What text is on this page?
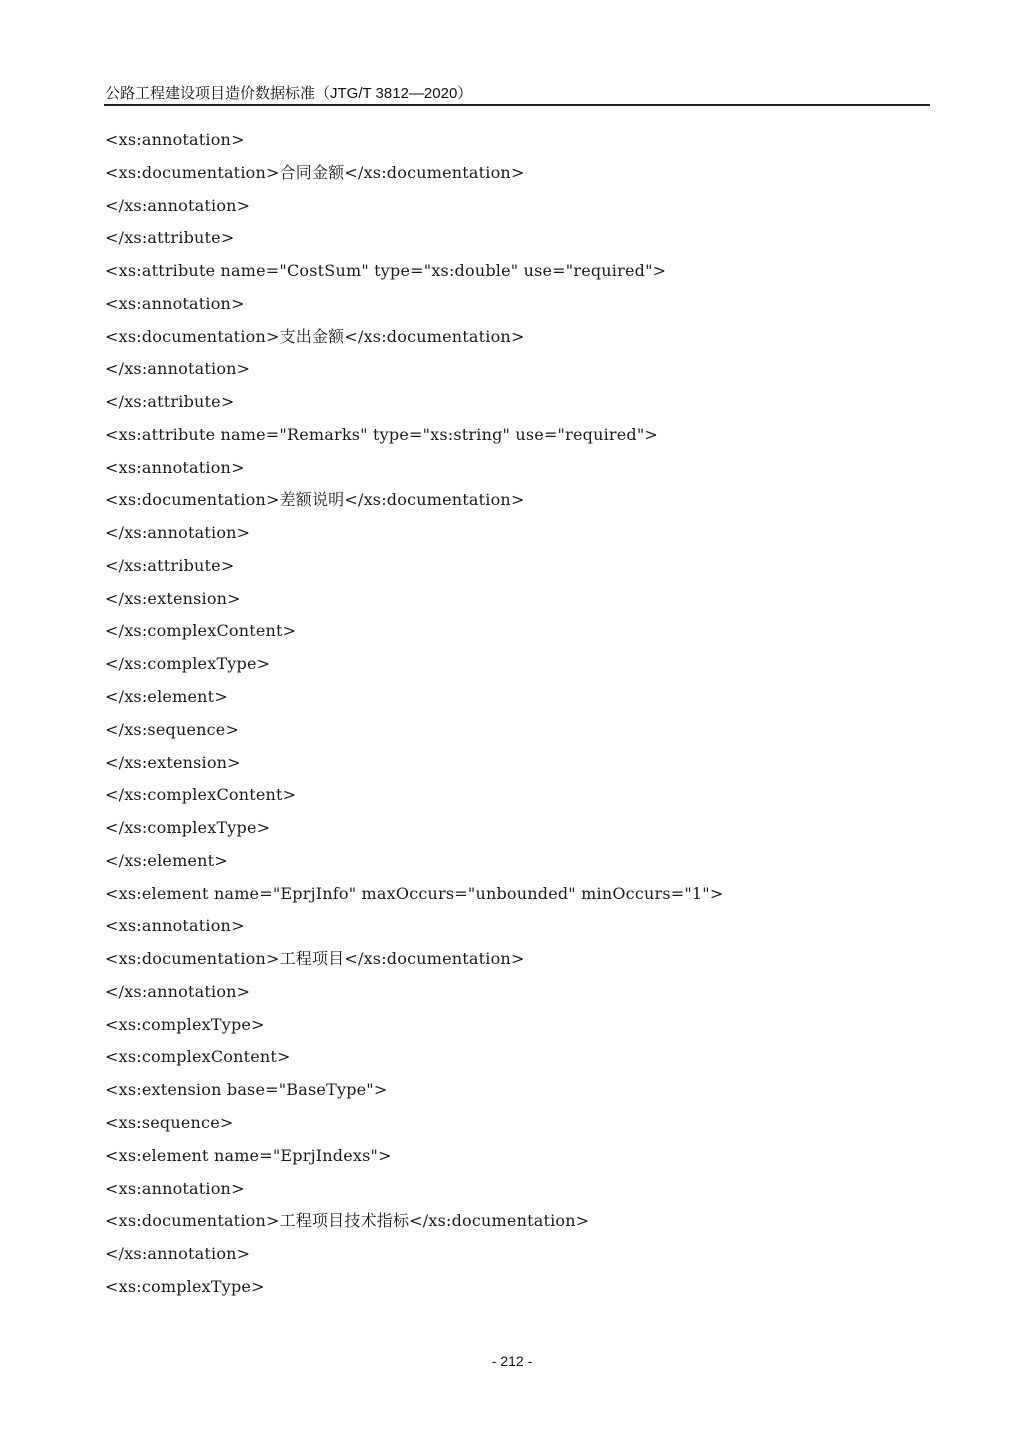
公路工程建设项目造价数据标准（JTG/T 3812—2020）
<xs:annotation>
<xs:documentation>合同金额</xs:documentation>
</xs:annotation>
</xs:attribute>
<xs:attribute name="CostSum" type="xs:double" use="required">
<xs:annotation>
<xs:documentation>支出金额</xs:documentation>
</xs:annotation>
</xs:attribute>
<xs:attribute name="Remarks" type="xs:string" use="required">
<xs:annotation>
<xs:documentation>差额说明</xs:documentation>
</xs:annotation>
</xs:attribute>
</xs:extension>
</xs:complexContent>
</xs:complexType>
</xs:element>
</xs:sequence>
</xs:extension>
</xs:complexContent>
</xs:complexType>
</xs:element>
<xs:element name="EprjInfo" maxOccurs="unbounded" minOccurs="1">
<xs:annotation>
<xs:documentation>工程项目</xs:documentation>
</xs:annotation>
<xs:complexType>
<xs:complexContent>
<xs:extension base="BaseType">
<xs:sequence>
<xs:element name="EprjIndexs">
<xs:annotation>
<xs:documentation>工程项目技术指标</xs:documentation>
</xs:annotation>
<xs:complexType>
- 212 -
